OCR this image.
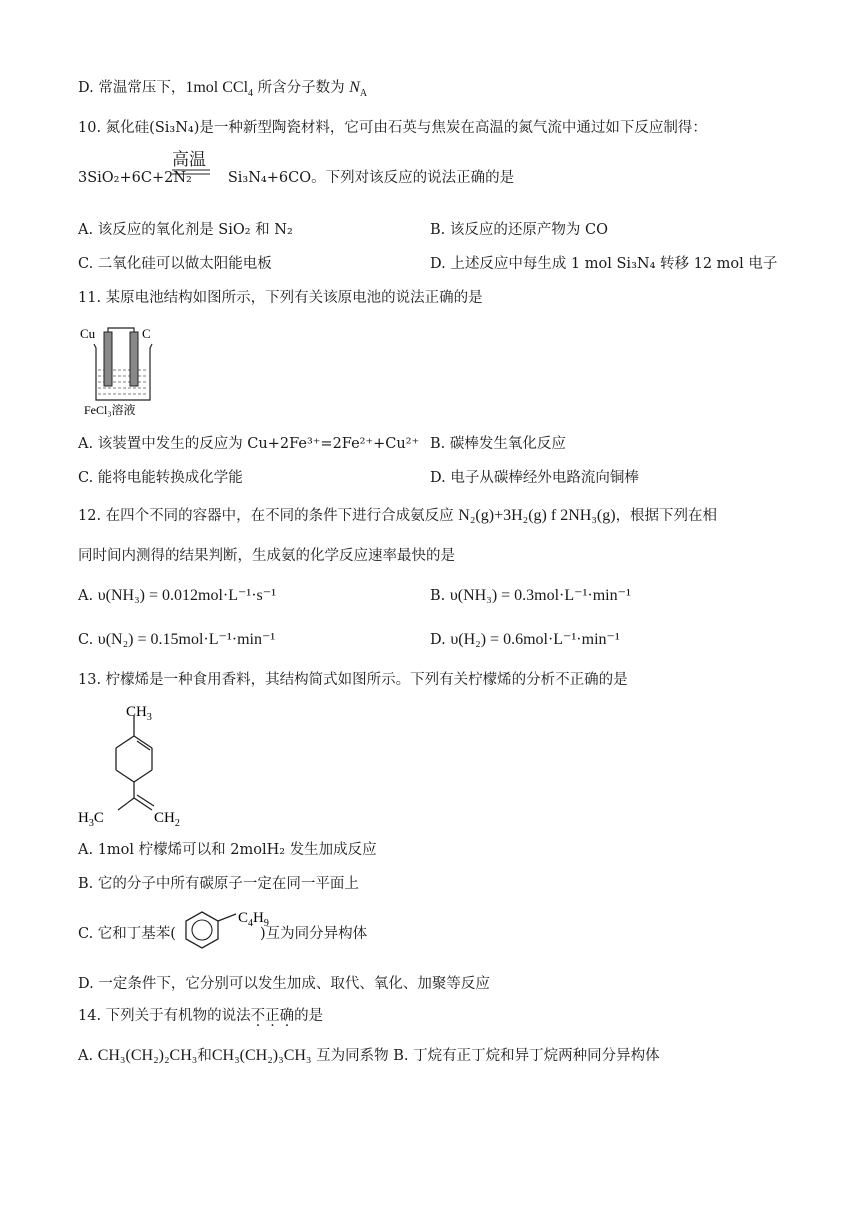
D. 常温常压下，1mol CCl$_4$ 所含分子数为 $N_A$
10. 氮化硅(Si₃N₄)是一种新型陶瓷材料，它可由石英与焦炭在高温的氮气流中通过如下反应制得：
高温
3SiO₂+6C+2N₂ Si₃N₄+6CO。下列对该反应的说法正确的是
A. 该反应的氧化剂是 SiO₂ 和 N₂	B. 该反应的还原产物为 CO
C. 二氧化硅可以做太阳能电板	D. 上述反应中每生成 1 mol Si₃N₄ 转移 12 mol 电子
11. 某原电池结构如图所示，下列有关该原电池的说法正确的是
Cu	C
FeCl₃溶液
A. 该装置中发生的反应为 Cu+2Fe³⁺=2Fe²⁺+Cu²⁺ B. 碳棒发生氧化反应
C. 能将电能转换成化学能	D. 电子从碳棒经外电路流向铜棒
12. 在四个不同的容器中，在不同的条件下进行合成氨反应 N₂(g)+3H₂(g) f 2NH₃(g)，根据下列在相
同时间内测得的结果判断，生成氨的化学反应速率最快的是
A. υ(NH₃) = 0.012mol·L⁻¹·s⁻¹	B. υ(NH₃) = 0.3mol·L⁻¹·min⁻¹
C. υ(N₂) = 0.15mol·L⁻¹·min⁻¹	D. υ(H₂) = 0.6mol·L⁻¹·min⁻¹
13. 柠檬烯是一种食用香料，其结构简式如图所示。下列有关柠檬烯的分析不正确的是
$CH_3$
$H_3C$	$CH_2$
A. 1mol 柠檬烯可以和 2molH₂ 发生加成反应
B. 它的分子中所有碳原子一定在同一平面上
C. 它和丁基苯(	)互为同分异构体
$C_4H_9$
D. 一定条件下，它分别可以发生加成、取代、氧化、加聚等反应
14. 下列关于有机物的说法不正确的是
A. CH₃(CH₂)₂CH₃和CH₃(CH₂)₃CH₃ 互为同系物 B. 丁烷有正丁烷和异丁烷两种同分异构体
